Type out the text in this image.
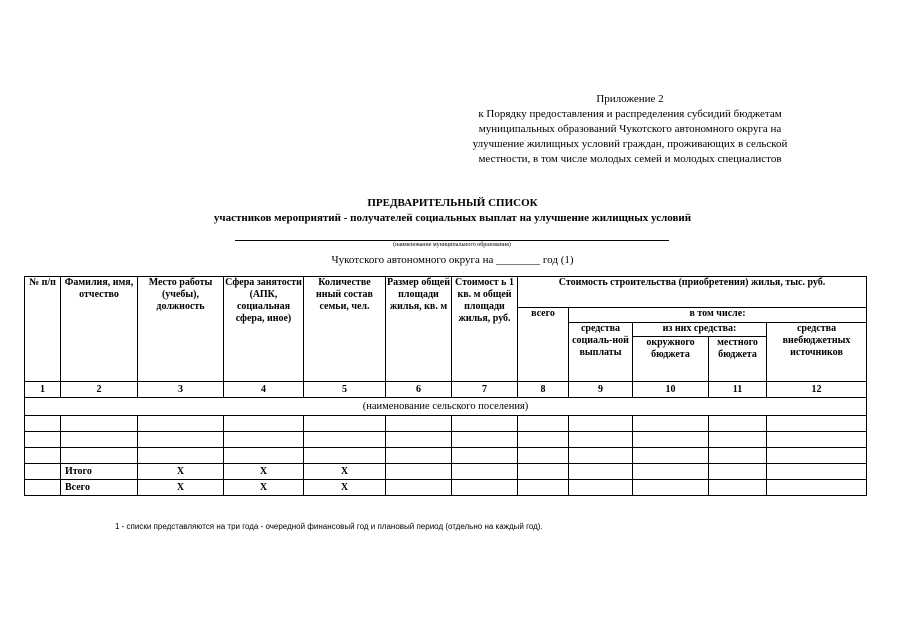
Приложение 2
к Порядку предоставления и распределения субсидий бюджетам
муниципальных образований Чукотского автономного округа на
улучшение жилищных условий граждан, проживающих в сельской
местности, в том числе молодых семей и молодых специалистов
ПРЕДВАРИТЕЛЬНЫЙ СПИСОК
участников мероприятий - получателей социальных выплат на улучшение жилищных условий
(наименование муниципального образования)
Чукотского автономного округа на ________ год (1)
№ п/п	Фамилия, имя, отчество	Место работы (учебы), должность	Сфера занятости (АПК, социальная сфера, иное)	Количестве нный состав семьи, чел.	Размер общей площади жилья, кв. м	Стоимост ь 1 кв. м общей площади жилья, руб.	Стоимость строительства (приобретения) жилья, тыс. руб.				
							всего	в том числе:			
								средства социаль-ной выплаты	из них средства:		средства внебюджетных источников
									окружного бюджета	местного бюджета	
1	2	3	4	5	6	7	8	9	10	11	12
(наименование сельского поселения)											

	Итого	Х	Х	Х							
	Всего	Х	Х	Х							
1 - списки представляются на три года - очередной финансовый год и плановый период (отдельно на каждый год).
